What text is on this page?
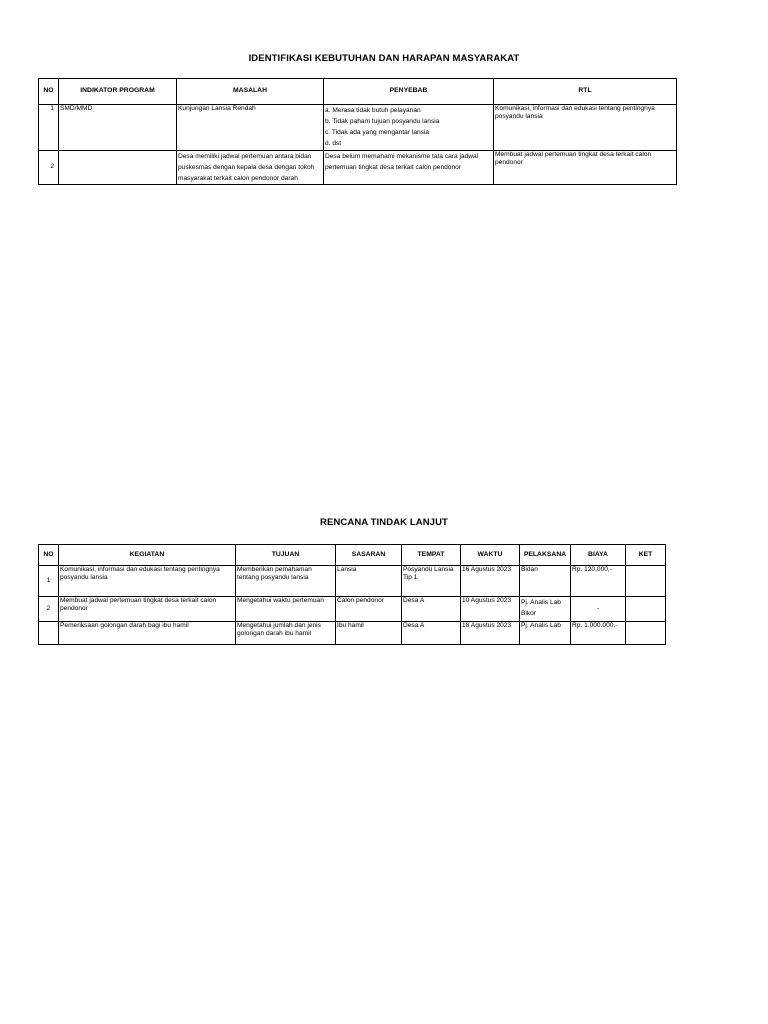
IDENTIFIKASI KEBUTUHAN DAN HARAPAN MASYARAKAT
NO	INDIKATOR PROGRAM	MASALAH	PENYEBAB	RTL
1	SMD/MMD	Kunjungan Lansia Rendah	a. Merasa tidak butuh pelayanan
b. Tidak paham tujuan posyandu lansia
c. Tidak ada yang mengantar lansia
d. dst	Komunikasi, informasi dan edukasi tentang pentingnya posyandu lansia
2		Desa memiliki jadwal pertemuan antara bidan
puskesmas dengan kepala desa dengan tokoh
masyarakat terkait calon pendonor darah	Desa belum memahami mekanisme tata cara jadwal
pertemuan tingkat desa terkait calon pendonor	Membuat jadwal pertemuan tingkat desa terkait calon pendonor
RENCANA TINDAK LANJUT
NO	KEGIATAN	TUJUAN	SASARAN	TEMPAT	WAKTU	PELAKSANA	BIAYA	KET
1	Komunikasi, informasi dan edukasi tentang pentingnya posyandu lansia	Memberikan pemahaman tentang posyandu lansia	Lansia	Posyandu Lansia Tip 1	16 Agustus 2023	Bidan	Rp. 120,000,-	
2	Membuat jadwal pertemuan tingkat desa terkait calon pendonor	Mengetahui waktu pertemuan	Calon pendonor	Desa A	10 Agustus 2023	Pj. Analis Lab
Bikor	-	
	Pemeriksaan golongan darah bagi ibu hamil	Mengetahui jumlah dan jenis golongan darah ibu hamil	Ibu hamil	Desa A	18 Agustus 2023	Pj. Analis Lab	Rp. 1.000.000,-	
